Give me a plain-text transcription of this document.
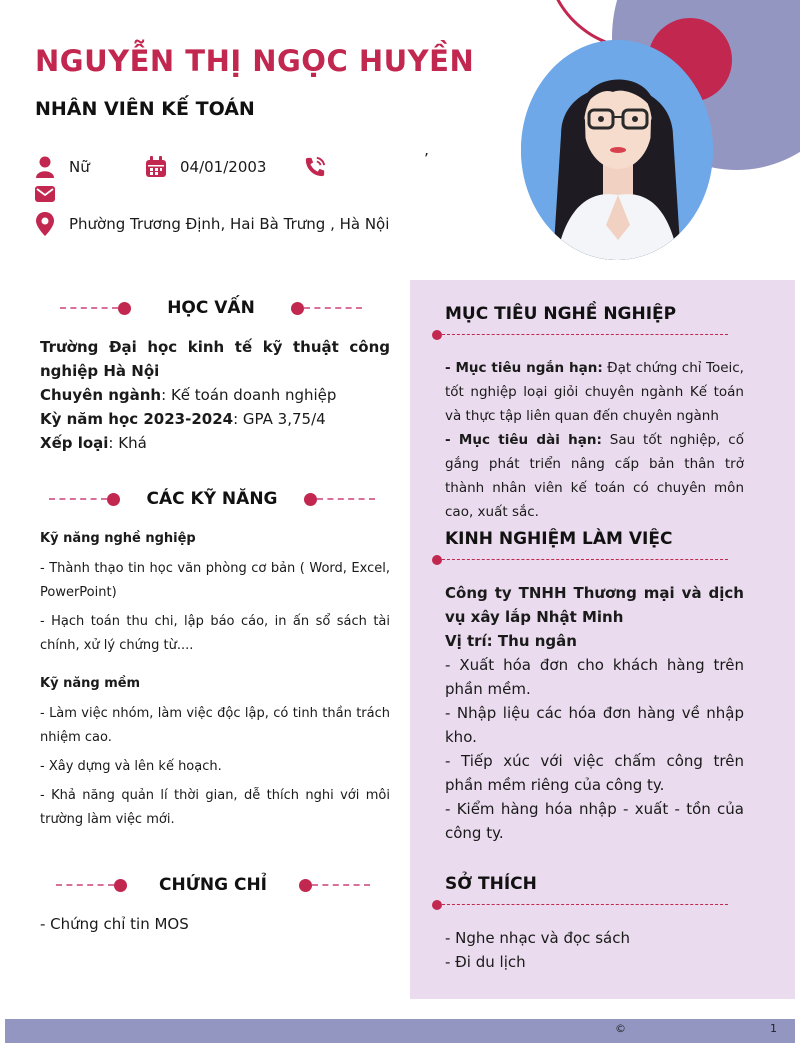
NGUYỄN THỊ NGỌC HUYỀN
NHÂN VIÊN KẾ TOÁN
Nữ	04/01/2003	’
Phường Trương Định, Hai Bà Trưng , Hà Nội
HỌC VẤN
Trường Đại học kinh tế kỹ thuật công nghiệp Hà Nội
Chuyên ngành: Kế toán doanh nghiệp
Kỳ năm học 2023-2024: GPA 3,75/4
Xếp loại: Khá
CÁC KỸ NĂNG
Kỹ năng nghề nghiệp

- Thành thạo tin học văn phòng cơ bản ( Word, Excel, PowerPoint)

- Hạch toán thu chi, lập báo cáo, in ấn sổ sách tài chính, xử lý chứng từ....

Kỹ năng mềm

- Làm việc nhóm, làm việc độc lập, có tinh thần trách nhiệm cao.

- Xây dựng và lên kế hoạch.

- Khả năng quản lí thời gian, dễ thích nghi với môi trường làm việc mới.

CHỨNG CHỈ
- Chứng chỉ tin MOS
MỤC TIÊU NGHỀ NGHIỆP

- Mục tiêu ngắn hạn: Đạt chứng chỉ Toeic, tốt nghiệp loại giỏi chuyên ngành Kế toán và thực tập liên quan đến chuyên ngành

- Mục tiêu dài hạn: Sau tốt nghiệp, cố gắng phát triển nâng cấp bản thân trở thành nhân viên kế toán có chuyên môn cao, xuất sắc.

KINH NGHIỆM LÀM VIỆC

Công ty TNHH Thương mại và dịch vụ xây lắp Nhật Minh

Vị trí: Thu ngân

- Xuất hóa đơn cho khách hàng trên phần mềm.

- Nhập liệu các hóa đơn hàng về nhập kho.

- Tiếp xúc với việc chấm công trên phần mềm riêng của công ty.

- Kiểm hàng hóa nhập - xuất - tồn của công ty.

SỞ THÍCH

- Nghe nhạc và đọc sách

- Đi du lịch

©	1
